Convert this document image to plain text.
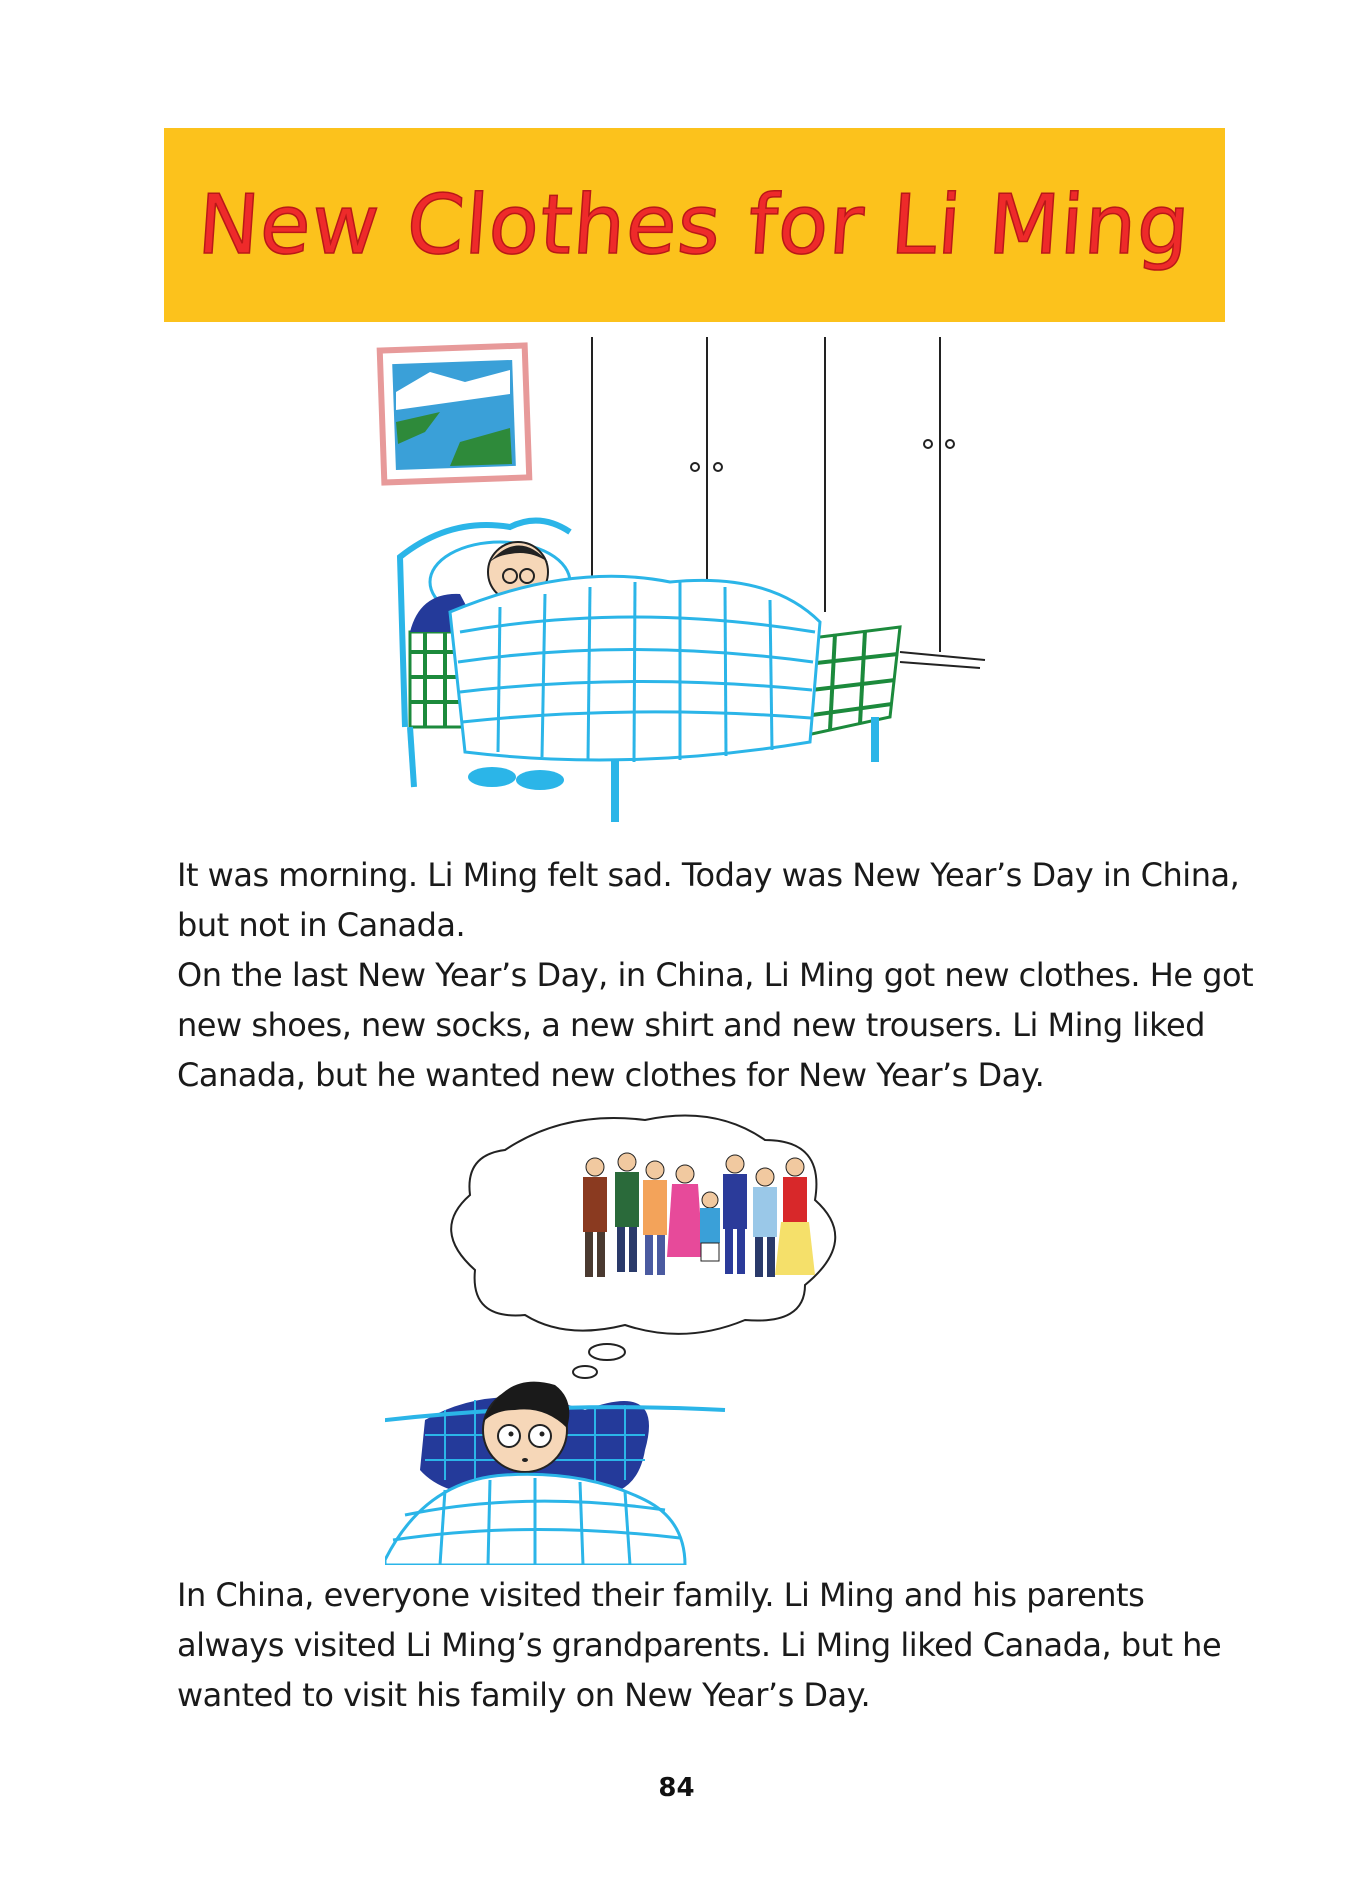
New Clothes for Li Ming

It was morning. Li Ming felt sad. Today was New Year’s Day in China, but not in Canada.

On the last New Year’s Day, in China, Li Ming got new clothes. He got new shoes, new socks, a new shirt and new trousers. Li Ming liked Canada, but he wanted new clothes for New Year’s Day.

In China, everyone visited their family. Li Ming and his parents always visited Li Ming’s grandparents. Li Ming liked Canada, but he wanted to visit his family on New Year’s Day.

84
